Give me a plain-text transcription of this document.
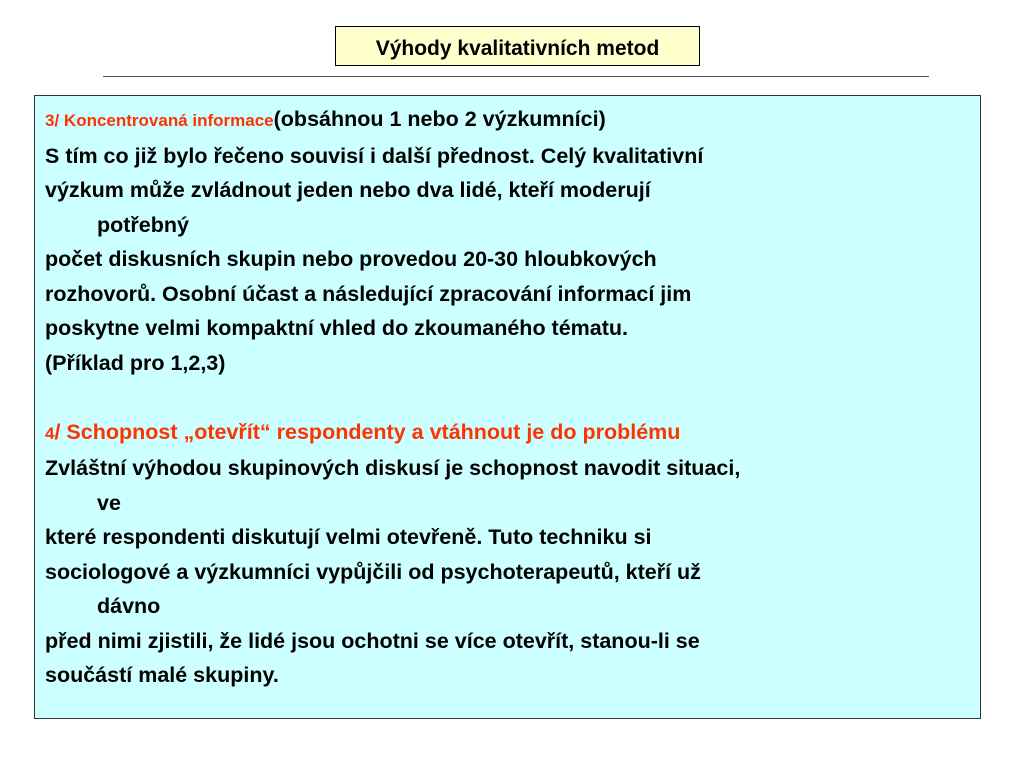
Výhody kvalitativních metod
3/ Koncentrovaná informace(obsáhnou 1 nebo 2 výzkumníci)
S tím co již bylo řečeno souvisí i další přednost. Celý kvalitativní
výzkum může zvládnout jeden nebo dva lidé, kteří moderují
potřebný
počet diskusních skupin nebo provedou 20-30 hloubkových
rozhovorů. Osobní účast a následující zpracování informací jim
poskytne velmi kompaktní vhled do zkoumaného tématu.
(Příklad pro 1,2,3)
4/ Schopnost „otevřít“ respondenty a vtáhnout je do problému
Zvláštní výhodou skupinových diskusí je schopnost navodit situaci,
ve
které respondenti diskutují velmi otevřeně. Tuto techniku si
sociologové a výzkumníci vypůjčili od psychoterapeutů, kteří už
dávno
před nimi zjistili, že lidé jsou ochotni se více otevřít, stanou-li se
součástí malé skupiny.
